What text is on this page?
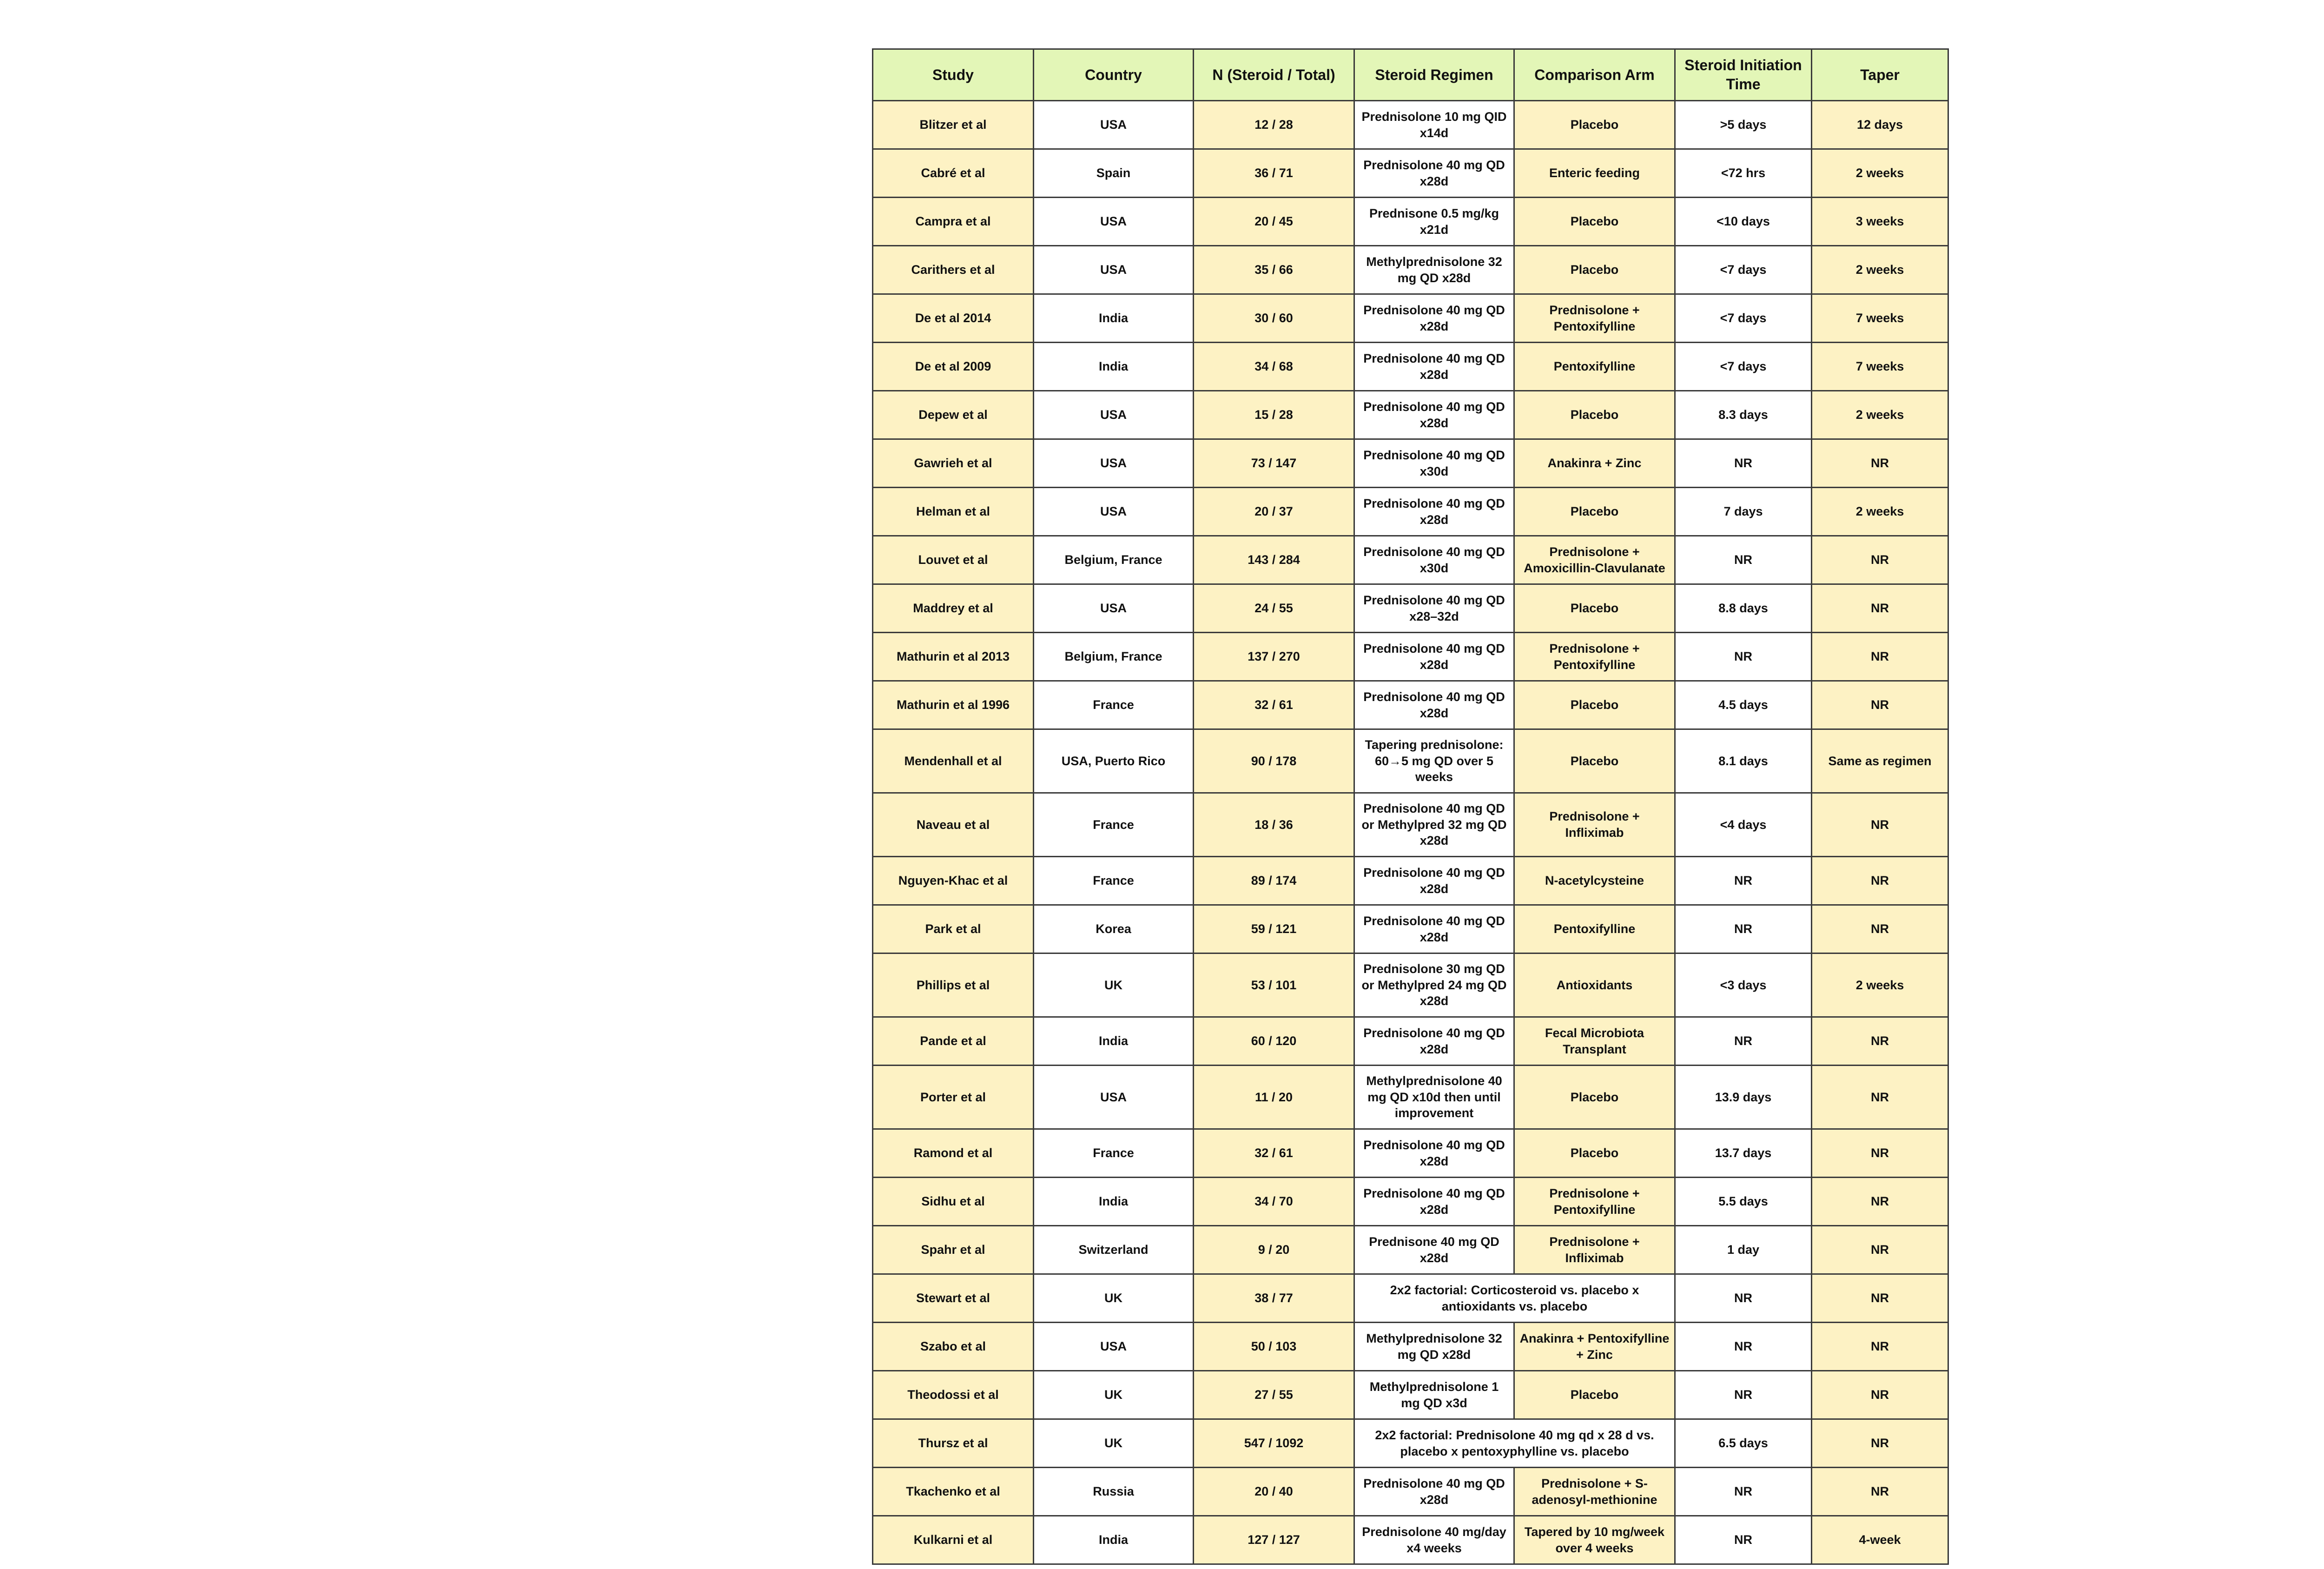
Study	Country	N (Steroid / Total)	Steroid Regimen	Comparison Arm	Steroid Initiation Time	Taper
Blitzer et al	USA	12 / 28	Prednisolone 10 mg QID x14d	Placebo	>5 days	12 days
Cabré et al	Spain	36 / 71	Prednisolone 40 mg QD x28d	Enteric feeding	<72 hrs	2 weeks
Campra et al	USA	20 / 45	Prednisone 0.5 mg/kg x21d	Placebo	<10 days	3 weeks
Carithers et al	USA	35 / 66	Methylprednisolone 32 mg QD x28d	Placebo	<7 days	2 weeks
De et al 2014	India	30 / 60	Prednisolone 40 mg QD x28d	Prednisolone + Pentoxifylline	<7 days	7 weeks
De et al 2009	India	34 / 68	Prednisolone 40 mg QD x28d	Pentoxifylline	<7 days	7 weeks
Depew et al	USA	15 / 28	Prednisolone 40 mg QD x28d	Placebo	8.3 days	2 weeks
Gawrieh et al	USA	73 / 147	Prednisolone 40 mg QD x30d	Anakinra + Zinc	NR	NR
Helman et al	USA	20 / 37	Prednisolone 40 mg QD x28d	Placebo	7 days	2 weeks
Louvet et al	Belgium, France	143 / 284	Prednisolone 40 mg QD x30d	Prednisolone + Amoxicillin-Clavulanate	NR	NR
Maddrey et al	USA	24 / 55	Prednisolone 40 mg QD x28–32d	Placebo	8.8 days	NR
Mathurin et al 2013	Belgium, France	137 / 270	Prednisolone 40 mg QD x28d	Prednisolone + Pentoxifylline	NR	NR
Mathurin et al 1996	France	32 / 61	Prednisolone 40 mg QD x28d	Placebo	4.5 days	NR
Mendenhall et al	USA, Puerto Rico	90 / 178	Tapering prednisolone: 60→5 mg QD over 5 weeks	Placebo	8.1 days	Same as regimen
Naveau et al	France	18 / 36	Prednisolone 40 mg QD or Methylpred 32 mg QD x28d	Prednisolone + Infliximab	<4 days	NR
Nguyen-Khac et al	France	89 / 174	Prednisolone 40 mg QD x28d	N-acetylcysteine	NR	NR
Park et al	Korea	59 / 121	Prednisolone 40 mg QD x28d	Pentoxifylline	NR	NR
Phillips et al	UK	53 / 101	Prednisolone 30 mg QD or Methylpred 24 mg QD x28d	Antioxidants	<3 days	2 weeks
Pande et al	India	60 / 120	Prednisolone 40 mg QD x28d	Fecal Microbiota Transplant	NR	NR
Porter et al	USA	11 / 20	Methylprednisolone 40 mg QD x10d then until improvement	Placebo	13.9 days	NR
Ramond et al	France	32 / 61	Prednisolone 40 mg QD x28d	Placebo	13.7 days	NR
Sidhu et al	India	34 / 70	Prednisolone 40 mg QD x28d	Prednisolone + Pentoxifylline	5.5 days	NR
Spahr et al	Switzerland	9 / 20	Prednisone 40 mg QD x28d	Prednisolone + Infliximab	1 day	NR
Stewart et al	UK	38 / 77	2x2 factorial: Corticosteroid vs. placebo x antioxidants vs. placebo		NR	NR
Szabo et al	USA	50 / 103	Methylprednisolone 32 mg QD x28d	Anakinra + Pentoxifylline + Zinc	NR	NR
Theodossi et al	UK	27 / 55	Methylprednisolone 1 mg QD x3d	Placebo	NR	NR
Thursz et al	UK	547 / 1092	2x2 factorial: Prednisolone 40 mg qd x 28 d vs. placebo x pentoxyphylline vs. placebo		6.5 days	NR
Tkachenko et al	Russia	20 / 40	Prednisolone 40 mg QD x28d	Prednisolone + S-adenosyl-methionine	NR	NR
Kulkarni et al	India	127 / 127	Prednisolone 40 mg/day x4 weeks	Tapered by 10 mg/week over 4 weeks	NR	4-week
